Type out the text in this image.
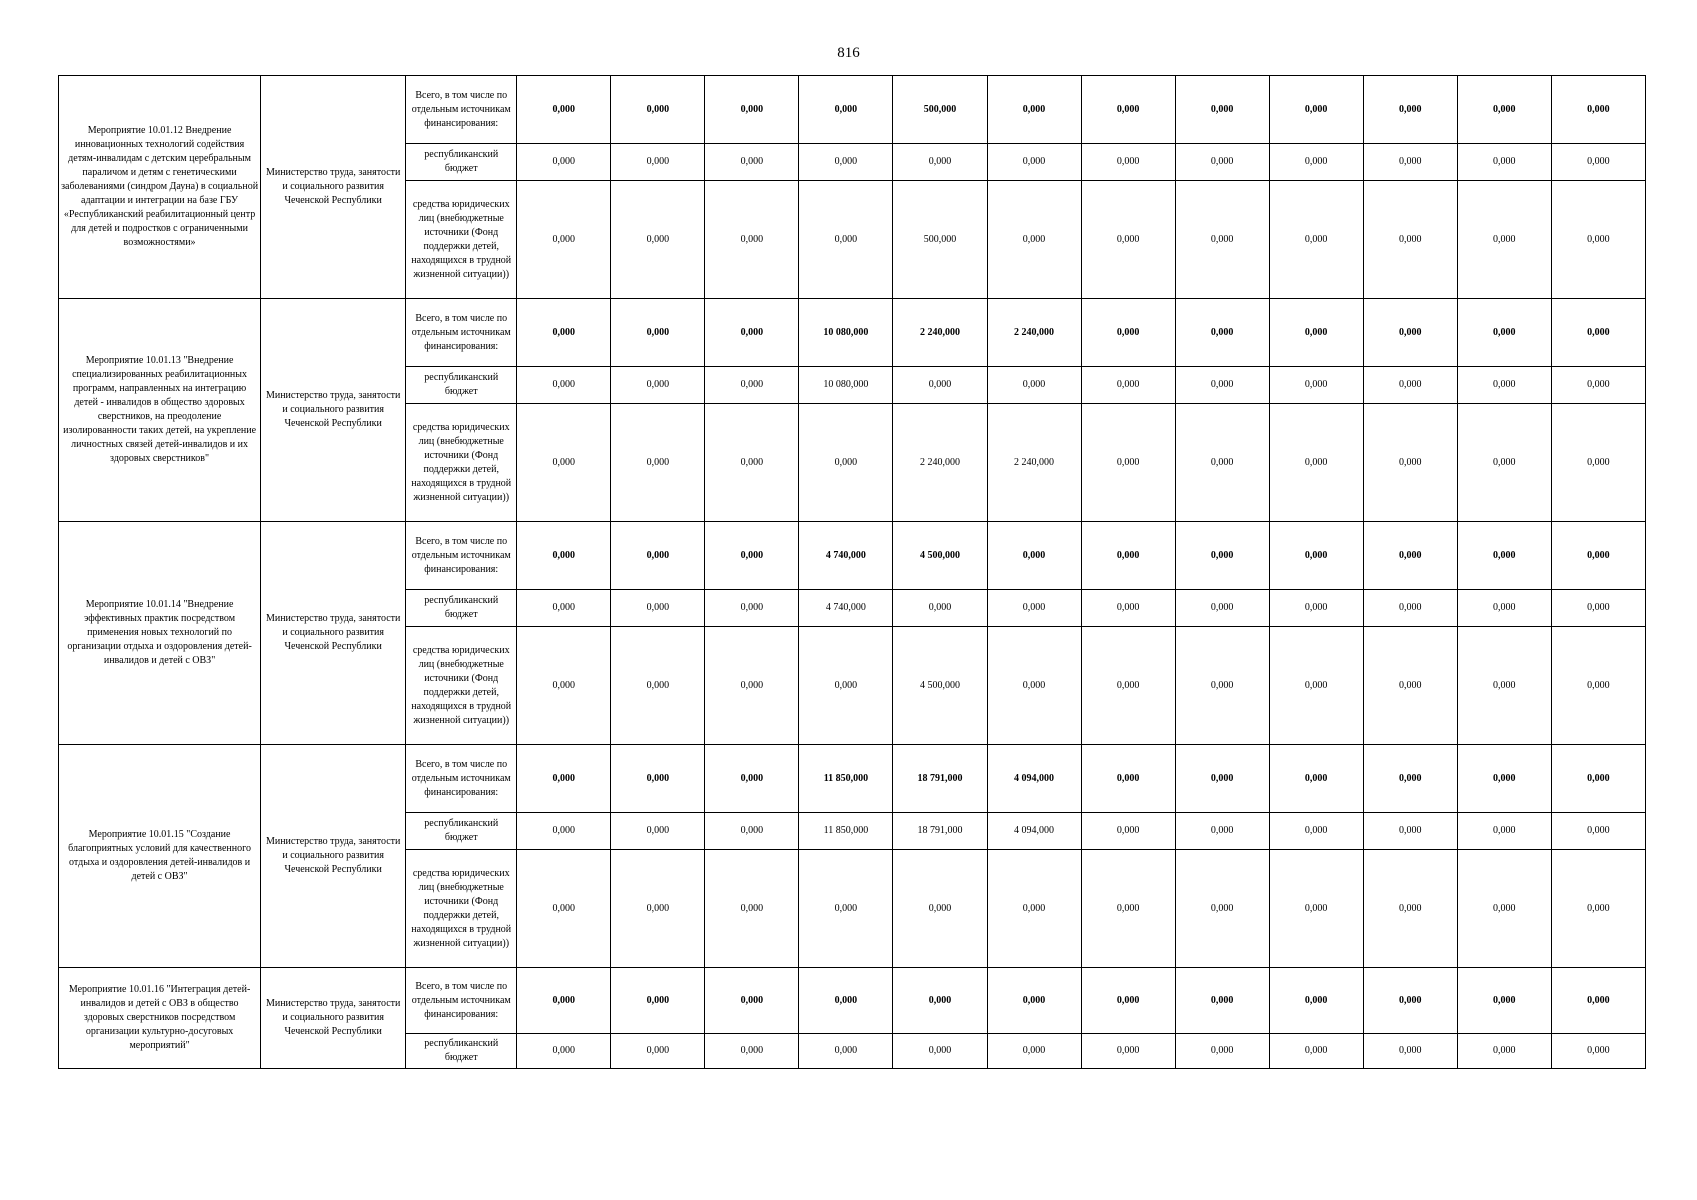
816
Мероприятие 10.01.12 Внедрение инновационных технологий содействия детям-инвалидам с детским церебральным параличом и детям с генетическими заболеваниями (синдром Дауна) в социальной адаптации и интеграции на базе ГБУ «Республиканский реабилитационный центр для детей и подростков с ограниченными возможностями»	Министерство труда, занятости и социального развития Чеченской Республики	Всего, в том числе по отдельным источникам финансирования:	0,000	0,000	0,000	0,000	500,000	0,000	0,000	0,000	0,000	0,000	0,000	0,000
		республиканский бюджет	0,000	0,000	0,000	0,000	0,000	0,000	0,000	0,000	0,000	0,000	0,000	0,000
		средства юридических лиц (внебюджетные источники (Фонд поддержки детей, находящихся в трудной жизненной ситуации))	0,000	0,000	0,000	0,000	500,000	0,000	0,000	0,000	0,000	0,000	0,000	0,000
Мероприятие 10.01.13 "Внедрение специализированных реабилитационных программ, направленных на интеграцию детей - инвалидов в общество здоровых сверстников, на преодоление изолированности таких детей, на укрепление личностных связей детей-инвалидов и их здоровых сверстников"	Министерство труда, занятости и социального развития Чеченской Республики	Всего, в том числе по отдельным источникам финансирования:	0,000	0,000	0,000	10 080,000	2 240,000	2 240,000	0,000	0,000	0,000	0,000	0,000	0,000
		республиканский бюджет	0,000	0,000	0,000	10 080,000	0,000	0,000	0,000	0,000	0,000	0,000	0,000	0,000
		средства юридических лиц (внебюджетные источники (Фонд поддержки детей, находящихся в трудной жизненной ситуации))	0,000	0,000	0,000	0,000	2 240,000	2 240,000	0,000	0,000	0,000	0,000	0,000	0,000
Мероприятие 10.01.14 "Внедрение эффективных практик посредством применения новых технологий по организации отдыха и оздоровления детей-инвалидов и детей с ОВЗ"	Министерство труда, занятости и социального развития Чеченской Республики	Всего, в том числе по отдельным источникам финансирования:	0,000	0,000	0,000	4 740,000	4 500,000	0,000	0,000	0,000	0,000	0,000	0,000	0,000
		республиканский бюджет	0,000	0,000	0,000	4 740,000	0,000	0,000	0,000	0,000	0,000	0,000	0,000	0,000
		средства юридических лиц (внебюджетные источники (Фонд поддержки детей, находящихся в трудной жизненной ситуации))	0,000	0,000	0,000	0,000	4 500,000	0,000	0,000	0,000	0,000	0,000	0,000	0,000
Мероприятие 10.01.15 "Создание благоприятных условий для качественного отдыха и оздоровления детей-инвалидов и детей с ОВЗ"	Министерство труда, занятости и социального развития Чеченской Республики	Всего, в том числе по отдельным источникам финансирования:	0,000	0,000	0,000	11 850,000	18 791,000	4 094,000	0,000	0,000	0,000	0,000	0,000	0,000
		республиканский бюджет	0,000	0,000	0,000	11 850,000	18 791,000	4 094,000	0,000	0,000	0,000	0,000	0,000	0,000
		средства юридических лиц (внебюджетные источники (Фонд поддержки детей, находящихся в трудной жизненной ситуации))	0,000	0,000	0,000	0,000	0,000	0,000	0,000	0,000	0,000	0,000	0,000	0,000
Мероприятие 10.01.16 "Интеграция детей-инвалидов и детей с ОВЗ в общество здоровых сверстников посредством организации культурно-досуговых мероприятий"	Министерство труда, занятости и социального развития Чеченской Республики	Всего, в том числе по отдельным источникам финансирования:	0,000	0,000	0,000	0,000	0,000	0,000	0,000	0,000	0,000	0,000	0,000	0,000
		республиканский бюджет	0,000	0,000	0,000	0,000	0,000	0,000	0,000	0,000	0,000	0,000	0,000	0,000
